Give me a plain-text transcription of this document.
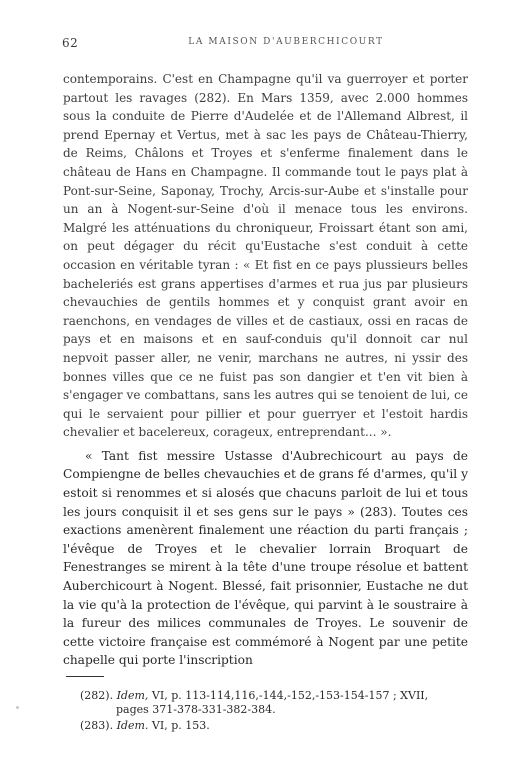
62	LA MAISON D'AUBERCHICOURT

contemporains. C'est en Champagne qu'il va guerroyer et porter partout les ravages (282). En Mars 1359, avec 2.000 hommes sous la conduite de Pierre d'Audelée et de l'Allemand Albrest, il prend Epernay et Vertus, met à sac les pays de Château-Thierry, de Reims, Châlons et Troyes et s'enferme finalement dans le château de Hans en Champagne. Il commande tout le pays plat à Pont-sur-Seine, Saponay, Trochy, Arcis-sur-Aube et s'installe pour un an à Nogent-sur-Seine d'où il menace tous les environs. Malgré les atténuations du chroniqueur, Froissart étant son ami, on peut dégager du récit qu'Eustache s'est conduit à cette occasion en véritable tyran : « Et fist en ce pays plussieurs belles bacheleriés est grans appertises d'armes et rua jus par plusieurs chevauchies de gentils hommes et y conquist grant avoir en raenchons, en vendages de villes et de castiaux, ossi en racas de pays et en maisons et en sauf-conduis qu'il donnoit car nul nepvoit passer aller, ne venir, marchans ne autres, ni yssir des bonnes villes que ce ne fuist pas son dangier et t'en vit bien à s'engager ve combattans, sans les autres qui se tenoient de lui, ce qui le servaient pour pillier et pour guerryer et l'estoit hardis chevalier et bacelereux, corageux, entreprendant... ».

« Tant fist messire Ustasse d'Aubrechicourt au pays de Compiengne de belles chevauchies et de grans fé d'armes, qu'il y estoit si renommes et si alosés que chacuns parloit de lui et tous les jours conquisit il et ses gens sur le pays » (283). Toutes ces exactions amenèrent finalement une réaction du parti français ; l'évêque de Troyes et le chevalier lorrain Broquart de Fenestranges se mirent à la tête d'une troupe résolue et battent Auberchicourt à Nogent. Blessé, fait prisonnier, Eustache ne dut la vie qu'à la protection de l'évêque, qui parvint à le soustraire à la fureur des milices communales de Troyes. Le souvenir de cette victoire française est commémoré à Nogent par une petite chapelle qui porte l'inscription

(282). Idem, VI, p. 113-114,116,-144,-152,-153-154-157 ; XVII,
pages 371-378-331-382-384.
(283). Idem. VI, p. 153.
